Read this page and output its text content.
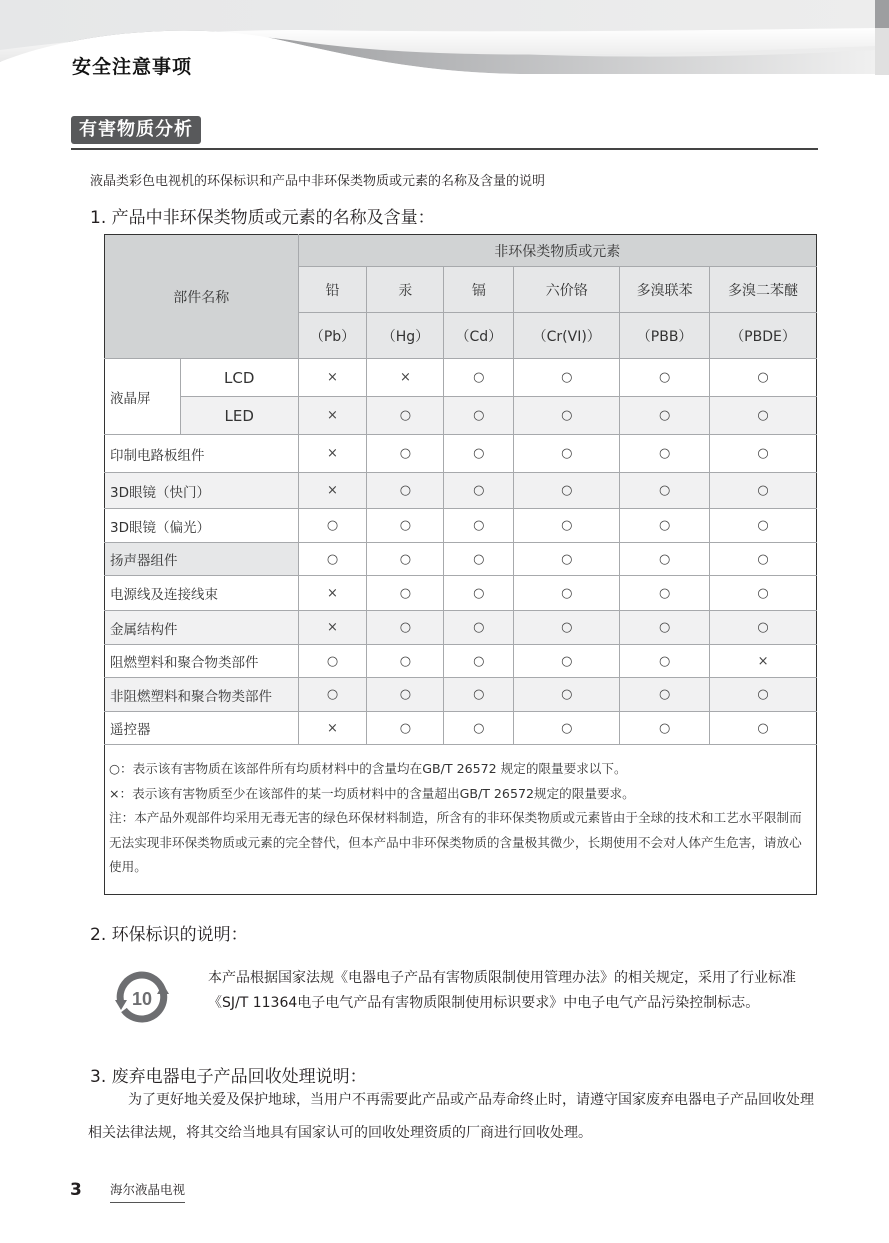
安全注意事项
有害物质分析
液晶类彩色电视机的环保标识和产品中非环保类物质或元素的名称及含量的说明
1. 产品中非环保类物质或元素的名称及含量：
部件名称		非环保类物质或元素					
		铅	汞	镉	六价铬	多溴联苯	多溴二苯醚
		（Pb）	（Hg）	（Cd）	（Cr(VI)）	（PBB）	（PBDE）
液晶屏	LCD	×	×	○	○	○	○
	LED	×	○	○	○	○	○
印制电路板组件		×	○	○	○	○	○
3D眼镜（快门）		×	○	○	○	○	○
3D眼镜（偏光）		○	○	○	○	○	○
扬声器组件		○	○	○	○	○	○
电源线及连接线束		×	○	○	○	○	○
金属结构件		×	○	○	○	○	○
阻燃塑料和聚合物类部件		○	○	○	○	○	×
非阻燃塑料和聚合物类部件		○	○	○	○	○	○
遥控器		×	○	○	○	○	○

○：表示该有害物质在该部件所有均质材料中的含量均在GB/T 26572 规定的限量要求以下。
×：表示该有害物质至少在该部件的某一均质材料中的含量超出GB/T 26572规定的限量要求。
注：本产品外观部件均采用无毒无害的绿色环保材料制造，所含有的非环保类物质或元素皆由于全球的技术和工艺水平限制而无法实现非环保类物质或元素的完全替代，但本产品中非环保类物质的含量极其微少，长期使用不会对人体产生危害，请放心使用。							
2. 环保标识的说明：
10
本产品根据国家法规《电器电子产品有害物质限制使用管理办法》的相关规定，采用了行业标准《SJ/T 11364电子电气产品有害物质限制使用标识要求》中电子电气产品污染控制标志。
3. 废弃电器电子产品回收处理说明：
为了更好地关爱及保护地球，当用户不再需要此产品或产品寿命终止时，请遵守国家废弃电器电子产品回收处理相关法律法规，将其交给当地具有国家认可的回收处理资质的厂商进行回收处理。
3 海尔液晶电视
